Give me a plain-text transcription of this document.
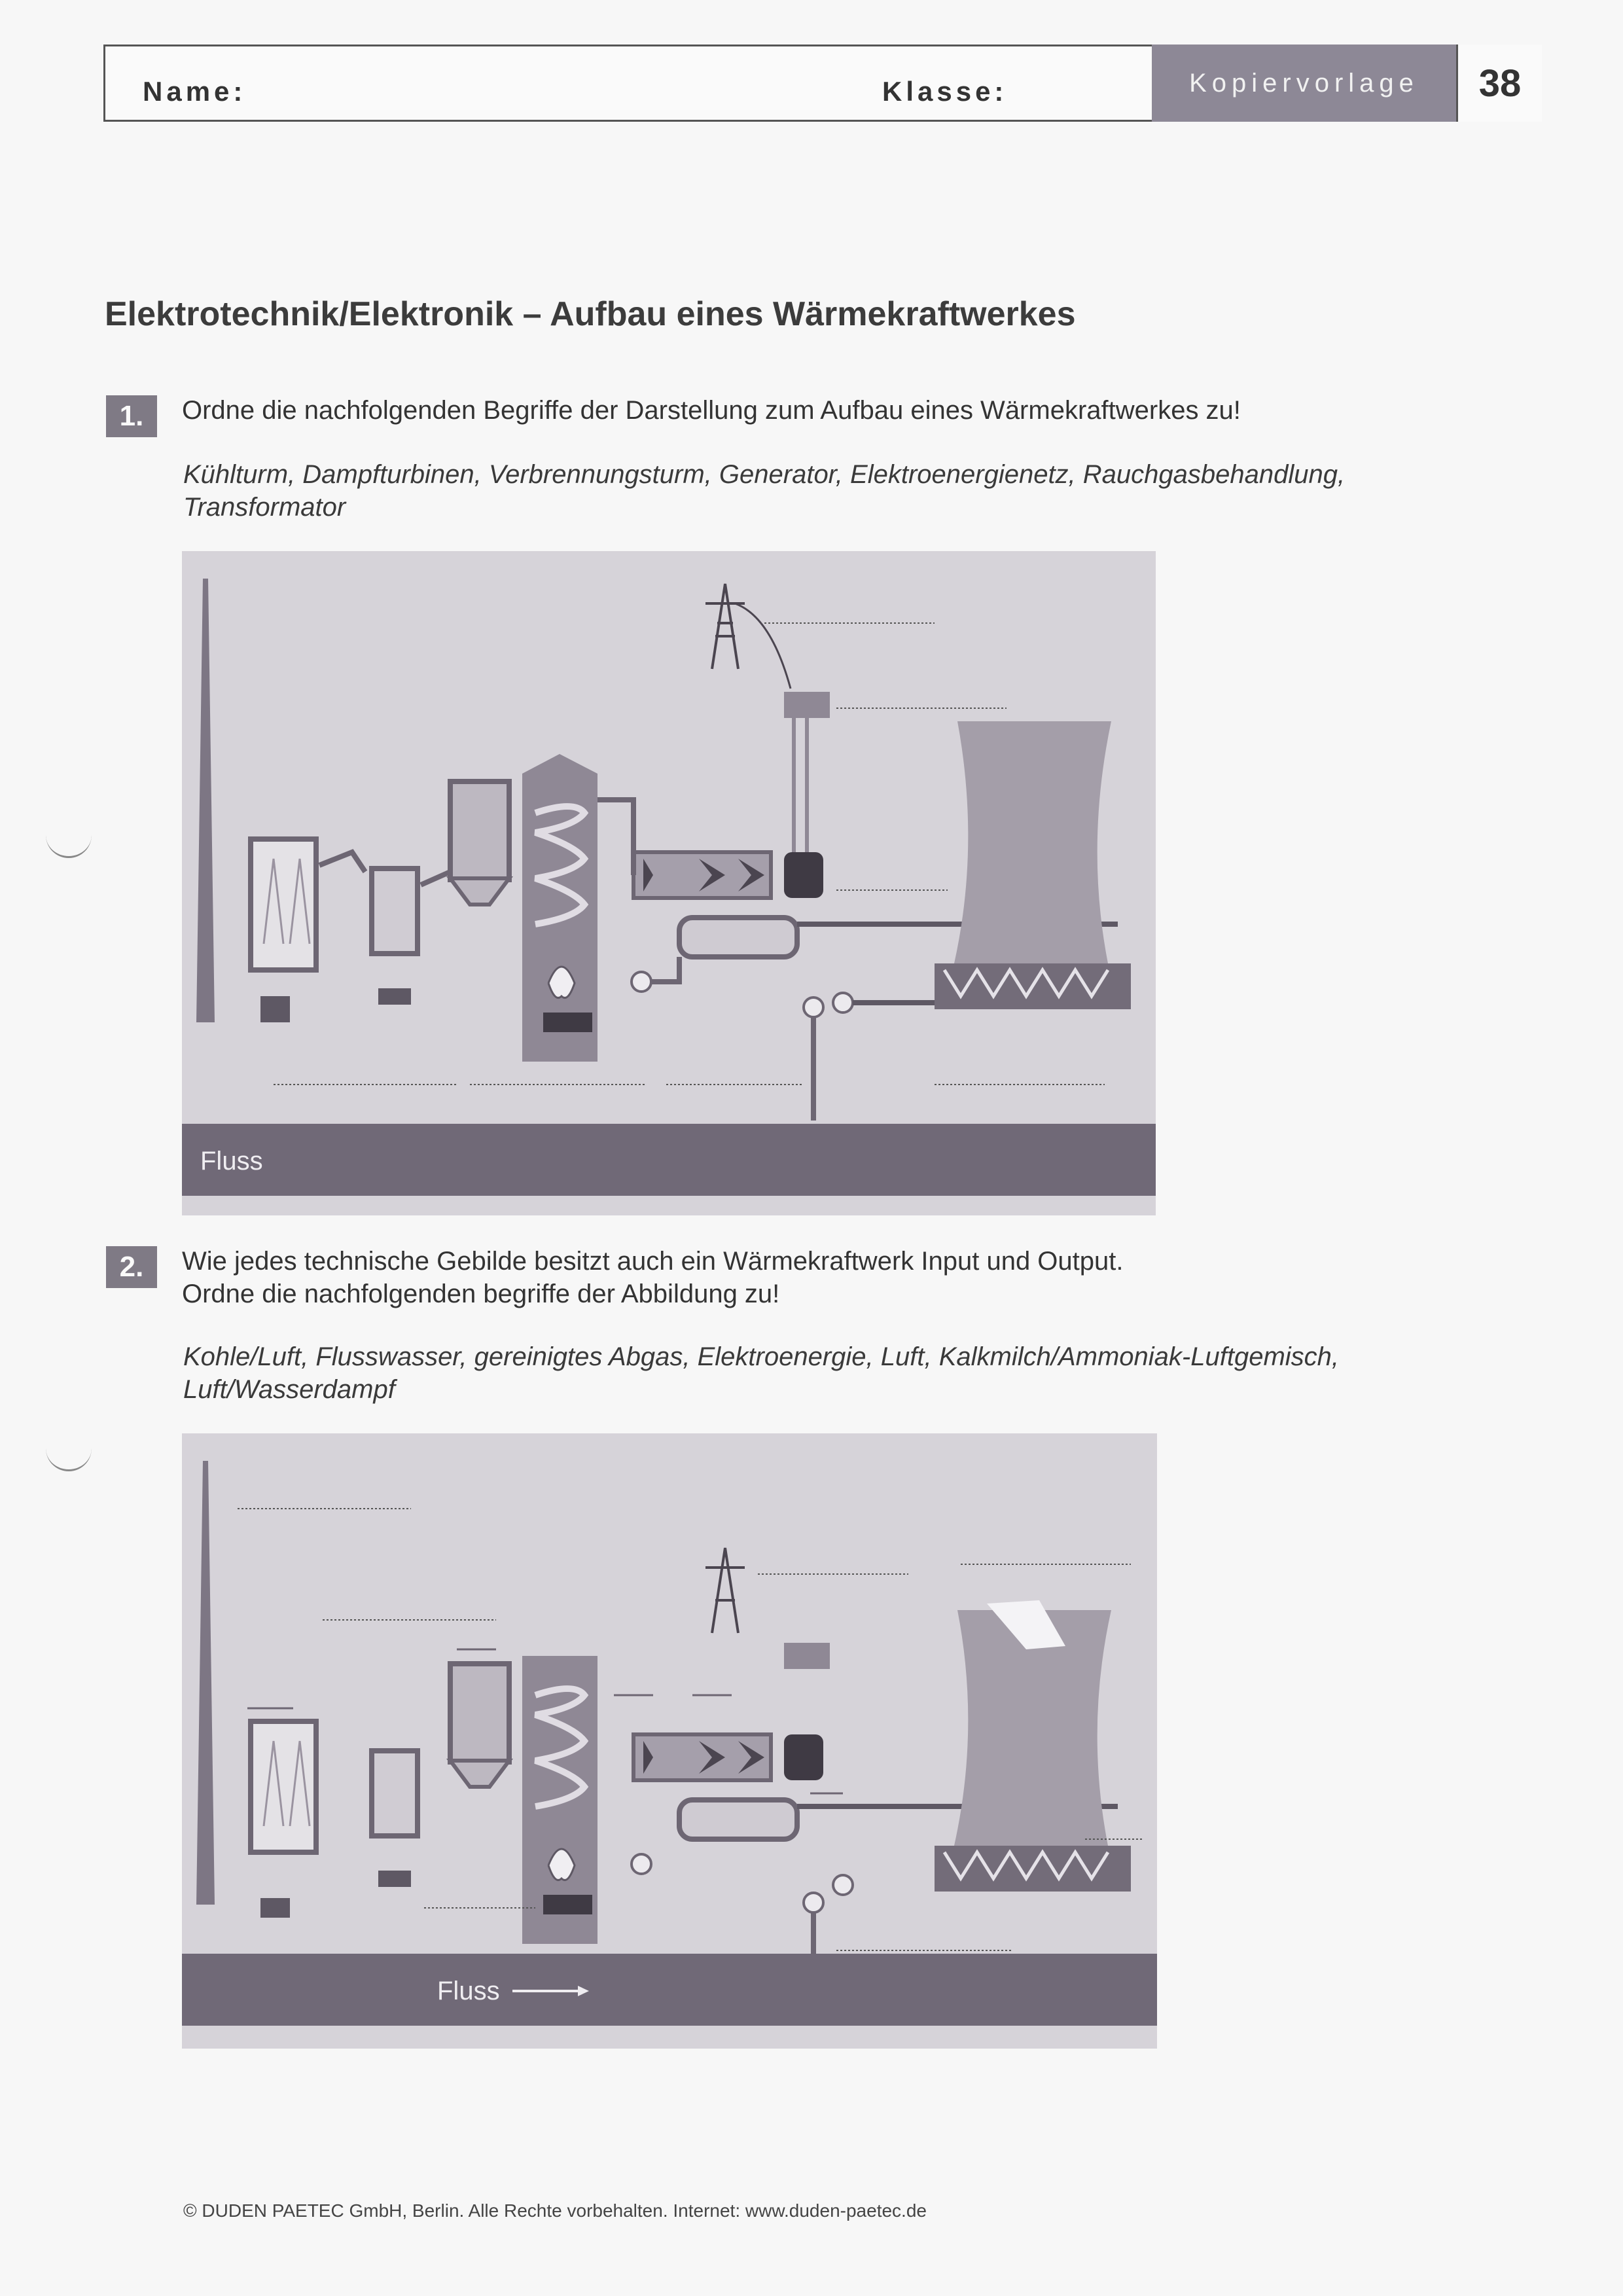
Name:	Klasse:	Kopiervorlage	38
Elektrotechnik/Elektronik – Aufbau eines Wärmekraftwerkes
1.	Ordne die nachfolgenden Begriffe der Darstellung zum Aufbau eines Wärmekraftwerkes zu!
Kühlturm, Dampfturbinen, Verbrennungsturm, Generator, Elektroenergienetz, Rauchgasbehandlung,
Transformator
Fluss
2.	Wie jedes technische Gebilde besitzt auch ein Wärmekraftwerk Input und Output.
Ordne die nachfolgenden begriffe der Abbildung zu!
Kohle/Luft, Flusswasser, gereinigtes Abgas, Elektroenergie, Luft, Kalkmilch/Ammoniak-Luftgemisch,
Luft/Wasserdampf
Fluss
© DUDEN PAETEC GmbH, Berlin. Alle Rechte vorbehalten. Internet: www.duden-paetec.de
